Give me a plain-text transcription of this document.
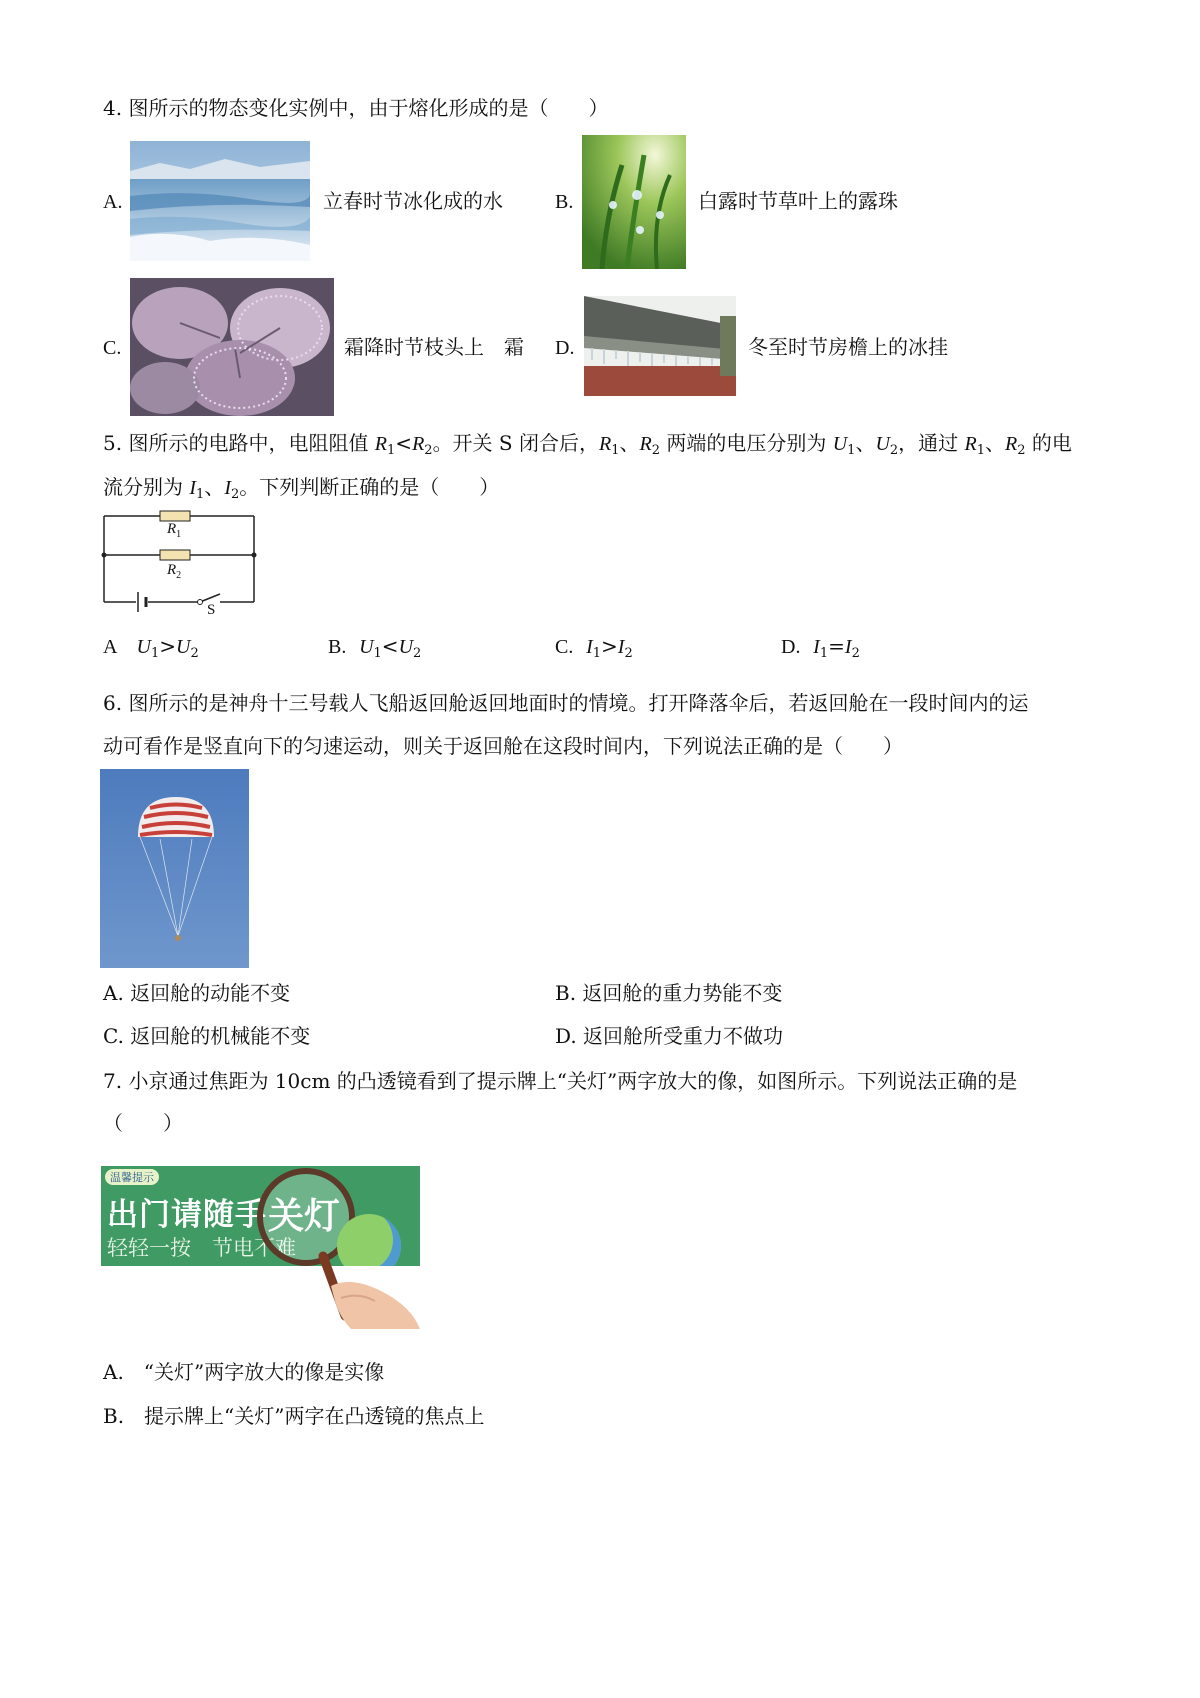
4. 图所示的物态变化实例中，由于熔化形成的是（　　）
A.	立春时节冰化成的水	B.	白露时节草叶上的露珠
C.	霜降时节枝头上　霜 D.	冬至时节房檐上的冰挂
5. 图所示的电路中，电阻阻值 $R_1<R_2$。开关 S 闭合后，$R_1$、$R_2$ 两端的电压分别为 $U_1$、$U_2$，通过 $R_1$、$R_2$ 的电
流分别为 $I_1$、$I_2$。下列判断正确的是（　　）
$R_1$
$R_2$
S
A $U_1>U_2$	B. $U_1<U_2$	C. $I_1>I_2$	D. $I_1=I_2$
6. 图所示的是神舟十三号载人飞船返回舱返回地面时的情境。打开降落伞后，若返回舱在一段时间内的运
动可看作是竖直向下的匀速运动，则关于返回舱在这段时间内，下列说法正确的是（　　）
A. 返回舱的动能不变	B. 返回舱的重力势能不变
C. 返回舱的机械能不变	D. 返回舱所受重力不做功
7. 小京通过焦距为 10cm 的凸透镜看到了提示牌上“关灯”两字放大的像，如图所示。下列说法正确的是
（　　）
温馨提示
出门请随手
轻轻一按　节电不难
关灯
A.　“关灯”两字放大的像是实像
B.　提示牌上“关灯”两字在凸透镜的焦点上
